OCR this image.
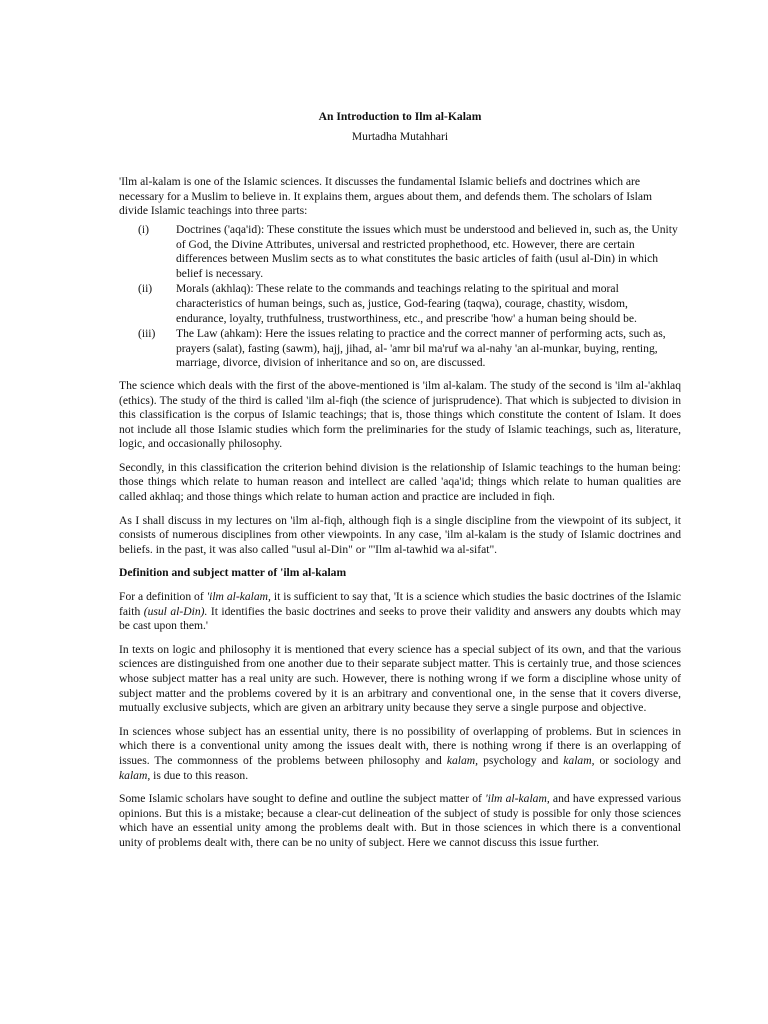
An Introduction to Ilm al-Kalam
Murtadha Mutahhari

'Ilm al-kalam is one of the Islamic sciences. It discusses the fundamental Islamic beliefs and doctrines which are necessary for a Muslim to believe in. It explains them, argues about them, and defends them. The scholars of Islam divide Islamic teachings into three parts:

(i)	Doctrines ('aqa'id): These constitute the issues which must be understood and believed in, such as, the Unity of God, the Divine Attributes, universal and restricted prophethood, etc. However, there are certain differences between Muslim sects as to what constitutes the basic articles of faith (usul al-Din) in which belief is necessary.
(ii)	Morals (akhlaq): These relate to the commands and teachings relating to the spiritual and moral characteristics of human beings, such as, justice, God-fearing (taqwa), courage, chastity, wisdom, endurance, loyalty, truthfulness, trustworthiness, etc., and prescribe 'how' a human being should be.
(iii)	The Law (ahkam): Here the issues relating to practice and the correct manner of performing acts, such as, prayers (salat), fasting (sawm), hajj, jihad, al- 'amr bil ma'ruf wa al-nahy 'an al-munkar, buying, renting, marriage, divorce, division of inheritance and so on, are discussed.

The science which deals with the first of the above-mentioned is 'ilm al-kalam. The study of the second is 'ilm al-'akhlaq (ethics). The study of the third is called 'ilm al-fiqh (the science of jurisprudence). That which is subjected to division in this classification is the corpus of Islamic teachings; that is, those things which constitute the content of Islam. It does not include all those Islamic studies which form the preliminaries for the study of Islamic teachings, such as, literature, logic, and occasionally philosophy.

Secondly, in this classification the criterion behind division is the relationship of Islamic teachings to the human being: those things which relate to human reason and intellect are called 'aqa'id; things which relate to human qualities are called akhlaq; and those things which relate to human action and practice are included in fiqh.

As I shall discuss in my lectures on 'ilm al-fiqh, although fiqh is a single discipline from the viewpoint of its subject, it consists of numerous disciplines from other viewpoints. In any case, 'ilm al-kalam is the study of Islamic doctrines and beliefs. in the past, it was also called "usul al-Din" or "'Ilm al-tawhid wa al-sifat".

Definition and subject matter of 'ilm al-kalam

For a definition of 'ilm al-kalam, it is sufficient to say that, 'It is a science which studies the basic doctrines of the Islamic faith (usul al-Din). It identifies the basic doctrines and seeks to prove their validity and answers any doubts which may be cast upon them.'

In texts on logic and philosophy it is mentioned that every science has a special subject of its own, and that the various sciences are distinguished from one another due to their separate subject matter. This is certainly true, and those sciences whose subject matter has a real unity are such. However, there is nothing wrong if we form a discipline whose unity of subject matter and the problems covered by it is an arbitrary and conventional one, in the sense that it covers diverse, mutually exclusive subjects, which are given an arbitrary unity because they serve a single purpose and objective.

In sciences whose subject has an essential unity, there is no possibility of overlapping of problems. But in sciences in which there is a conventional unity among the issues dealt with, there is nothing wrong if there is an overlapping of issues. The commonness of the problems between philosophy and kalam, psychology and kalam, or sociology and kalam, is due to this reason.

Some Islamic scholars have sought to define and outline the subject matter of 'ilm al-kalam, and have expressed various opinions. But this is a mistake; because a clear-cut delineation of the subject of study is possible for only those sciences which have an essential unity among the problems dealt with. But in those sciences in which there is a conventional unity of problems dealt with, there can be no unity of subject. Here we cannot discuss this issue further.
